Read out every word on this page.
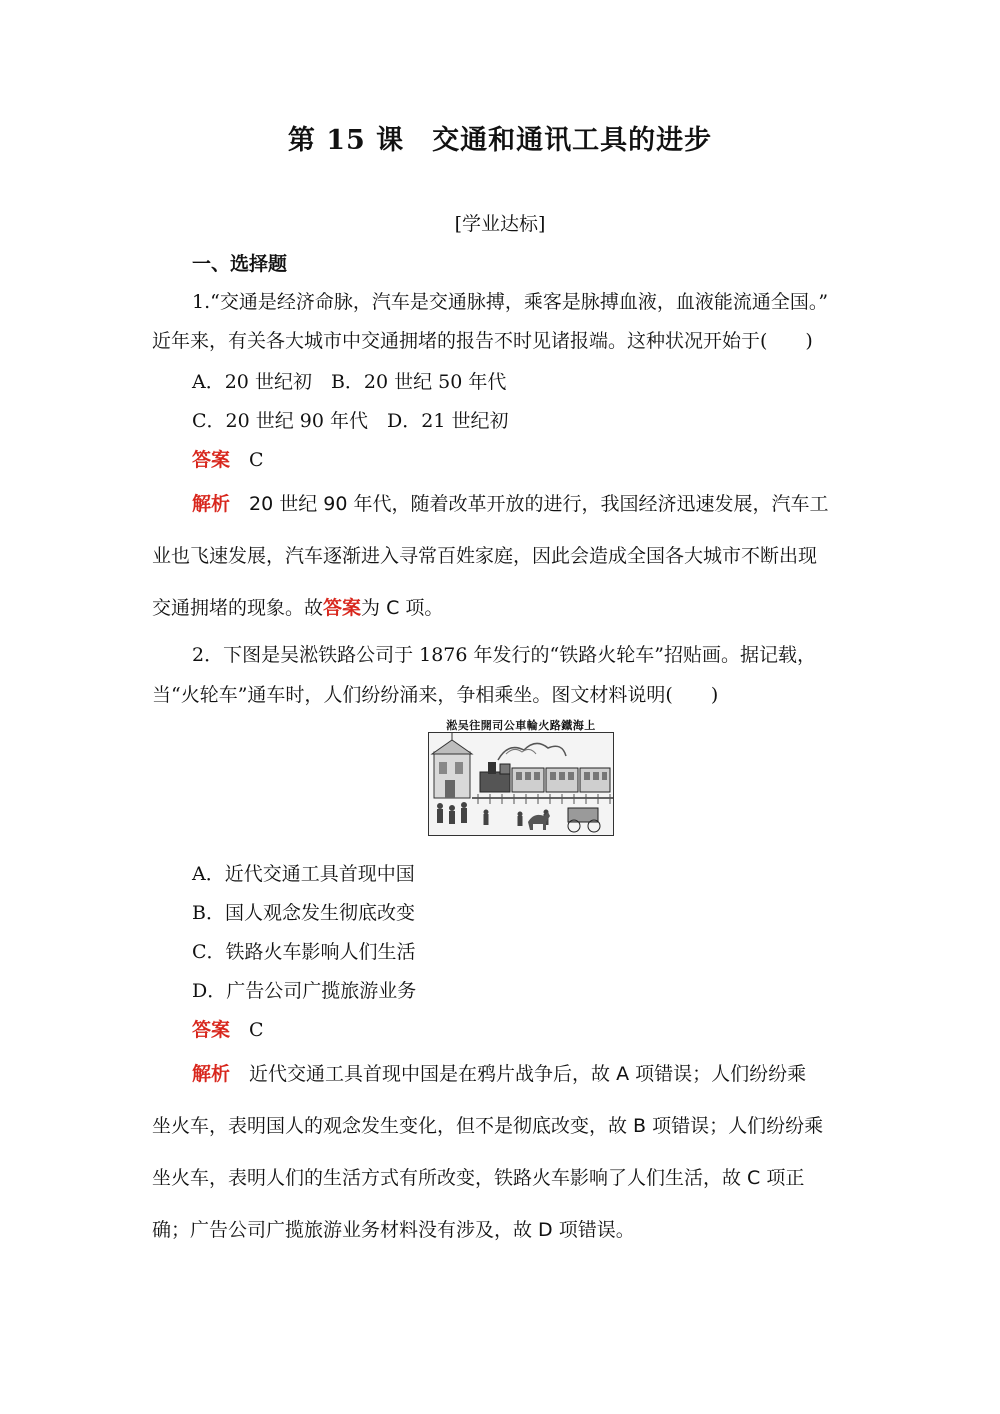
第 15 课　交通和通讯工具的进步
[学业达标]
一、选择题
1.“交通是经济命脉，汽车是交通脉搏，乘客是脉搏血液，血液能流通全国。”
近年来，有关各大城市中交通拥堵的报告不时见诸报端。这种状况开始于(　　)
A．20 世纪初　B．20 世纪 50 年代
C．20 世纪 90 年代　D．21 世纪初
答案　 C
解析　 20 世纪 90 年代，随着改革开放的进行，我国经济迅速发展，汽车工
业也飞速发展，汽车逐渐进入寻常百姓家庭，因此会造成全国各大城市不断出现
交通拥堵的现象。故答案为 C 项。
2．下图是吴淞铁路公司于 1876 年发行的“铁路火轮车”招贴画。据记载，
当“火轮车”通车时，人们纷纷涌来，争相乘坐。图文材料说明(　　)
淞吴往開司公車輪火路鐵海上
A．近代交通工具首现中国
B．国人观念发生彻底改变
C．铁路火车影响人们生活
D．广告公司广揽旅游业务
答案　 C
解析　 近代交通工具首现中国是在鸦片战争后，故 A 项错误；人们纷纷乘
坐火车，表明国人的观念发生变化，但不是彻底改变，故 B 项错误；人们纷纷乘
坐火车，表明人们的生活方式有所改变，铁路火车影响了人们生活，故 C 项正
确；广告公司广揽旅游业务材料没有涉及，故 D 项错误。
